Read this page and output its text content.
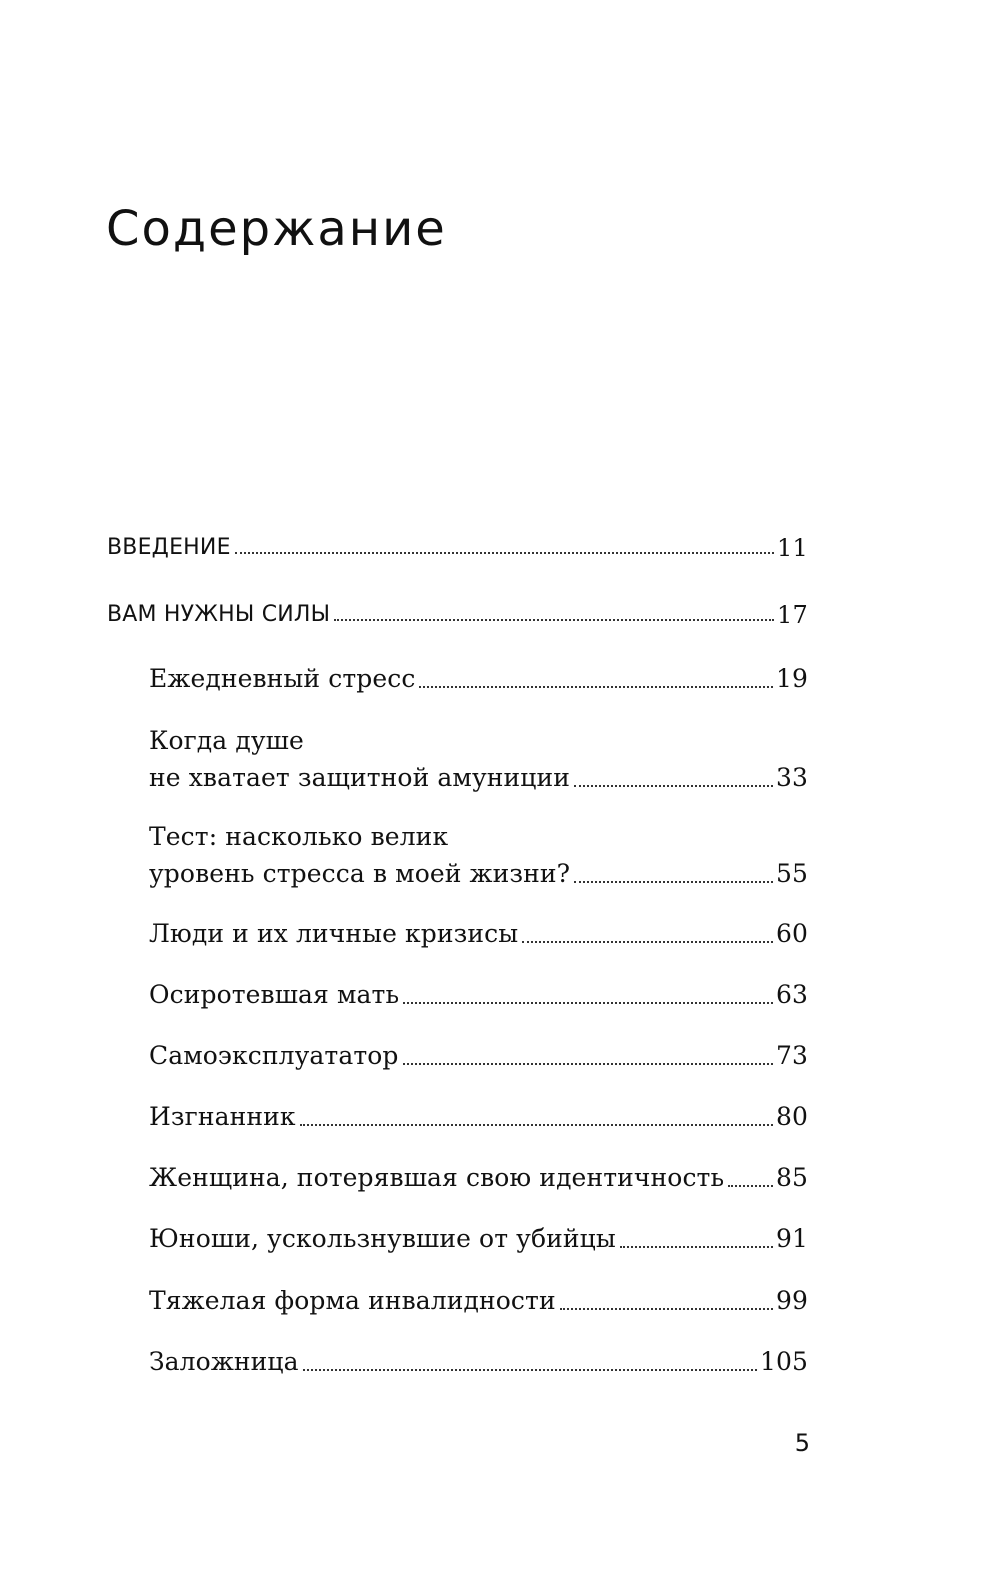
Содержание
ВВЕДЕНИЕ	11
ВАМ НУЖНЫ СИЛЫ	17
Ежедневный стресс	19
Когда душе
не хватает защитной амуниции	33
Тест: насколько велик
уровень стресса в моей жизни?	55
Люди и их личные кризисы	60
Осиротевшая мать	63
Самоэксплуататор	73
Изгнанник	80
Женщина, потерявшая свою идентичность 85
Юноши, ускользнувшие от убийцы	91
Тяжелая форма инвалидности	99
Заложница	105
5
